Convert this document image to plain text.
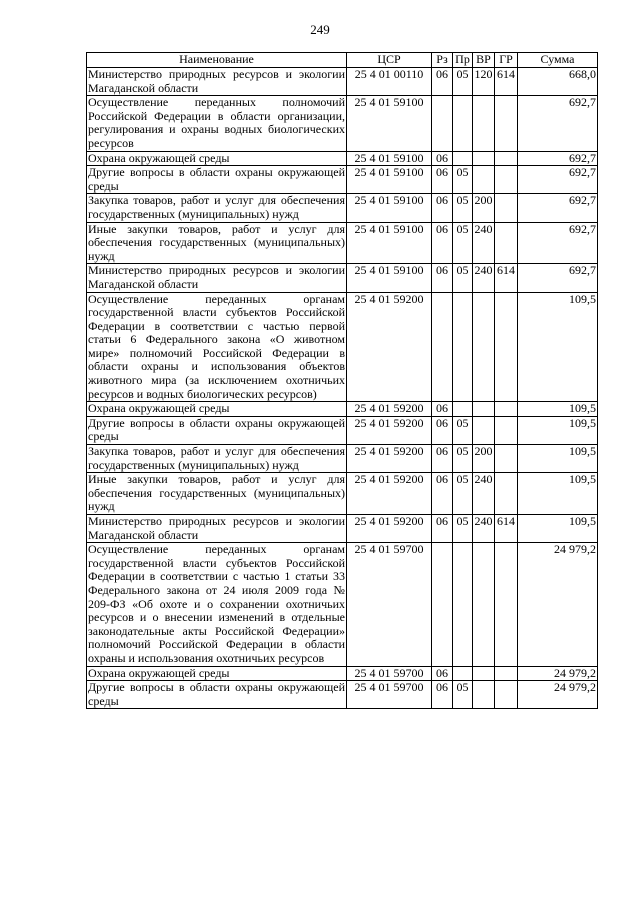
249
Наименование	ЦСР	Рз	Пр	ВР	ГР	Сумма
Министерство природных ресурсов и экологии Магаданской области	25 4 01 00110	06	05	120	614	668,0
Осуществление переданных полномочий Российской Федерации в области организации, регулирования и охраны водных биологических ресурсов	25 4 01 59100					692,7
Охрана окружающей среды	25 4 01 59100	06				692,7
Другие вопросы в области охраны окружающей среды	25 4 01 59100	06	05			692,7
Закупка товаров, работ и услуг для обеспечения государственных (муниципальных) нужд	25 4 01 59100	06	05	200		692,7
Иные закупки товаров, работ и услуг для обеспечения государственных (муниципальных) нужд	25 4 01 59100	06	05	240		692,7
Министерство природных ресурсов и экологии Магаданской области	25 4 01 59100	06	05	240	614	692,7
Осуществление переданных органам государственной власти субъектов Российской Федерации в соответствии с частью первой статьи 6 Федерального закона «О животном мире» полномочий Российской Федерации в области охраны и использования объектов животного мира (за исключением охотничьих ресурсов и водных биологических ресурсов)	25 4 01 59200					109,5
Охрана окружающей среды	25 4 01 59200	06				109,5
Другие вопросы в области охраны окружающей среды	25 4 01 59200	06	05			109,5
Закупка товаров, работ и услуг для обеспечения государственных (муниципальных) нужд	25 4 01 59200	06	05	200		109,5
Иные закупки товаров, работ и услуг для обеспечения государственных (муниципальных) нужд	25 4 01 59200	06	05	240		109,5
Министерство природных ресурсов и экологии Магаданской области	25 4 01 59200	06	05	240	614	109,5
Осуществление переданных органам государственной власти субъектов Российской Федерации в соответствии с частью 1 статьи 33 Федерального закона от 24 июля 2009 года № 209-ФЗ «Об охоте и о сохранении охотничьих ресурсов и о внесении изменений в отдельные законодательные акты Российской Федерации» полномочий Российской Федерации в области охраны и использования охотничьих ресурсов	25 4 01 59700					24 979,2
Охрана окружающей среды	25 4 01 59700	06				24 979,2
Другие вопросы в области охраны окружающей среды	25 4 01 59700	06	05			24 979,2
